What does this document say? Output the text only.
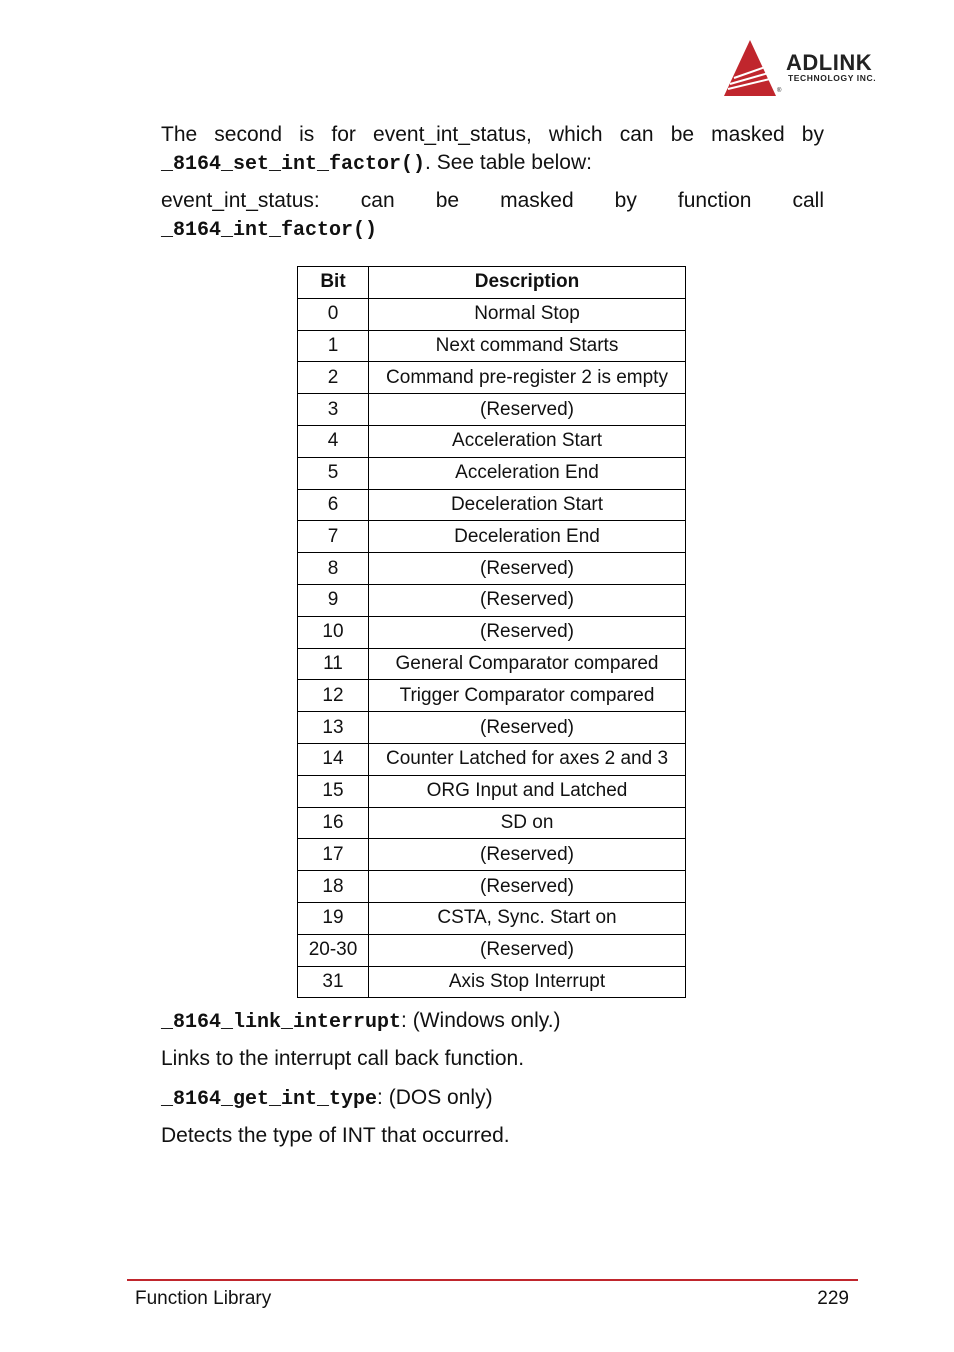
ADLINK
TECHNOLOGY INC.
®
The second is for event_int_status, which can be masked by _8164_set_int_factor(). See table below:

event_int_status: can be masked by function call

_8164_int_factor()

Bit	Description
0	Normal Stop
1	Next command Starts
2	Command pre-register 2 is empty
3	(Reserved)
4	Acceleration Start
5	Acceleration End
6	Deceleration Start
7	Deceleration End
8	(Reserved)
9	(Reserved)
10	(Reserved)
11	General Comparator compared
12	Trigger Comparator compared
13	(Reserved)
14	Counter Latched for axes 2 and 3
15	ORG Input and Latched
16	SD on
17	(Reserved)
18	(Reserved)
19	CSTA, Sync. Start on
20-30	(Reserved)
31	Axis Stop Interrupt
_8164_link_interrupt: (Windows only.)
Links to the interrupt call back function.
_8164_get_int_type: (DOS only)
Detects the type of INT that occurred.
Function Library	229
